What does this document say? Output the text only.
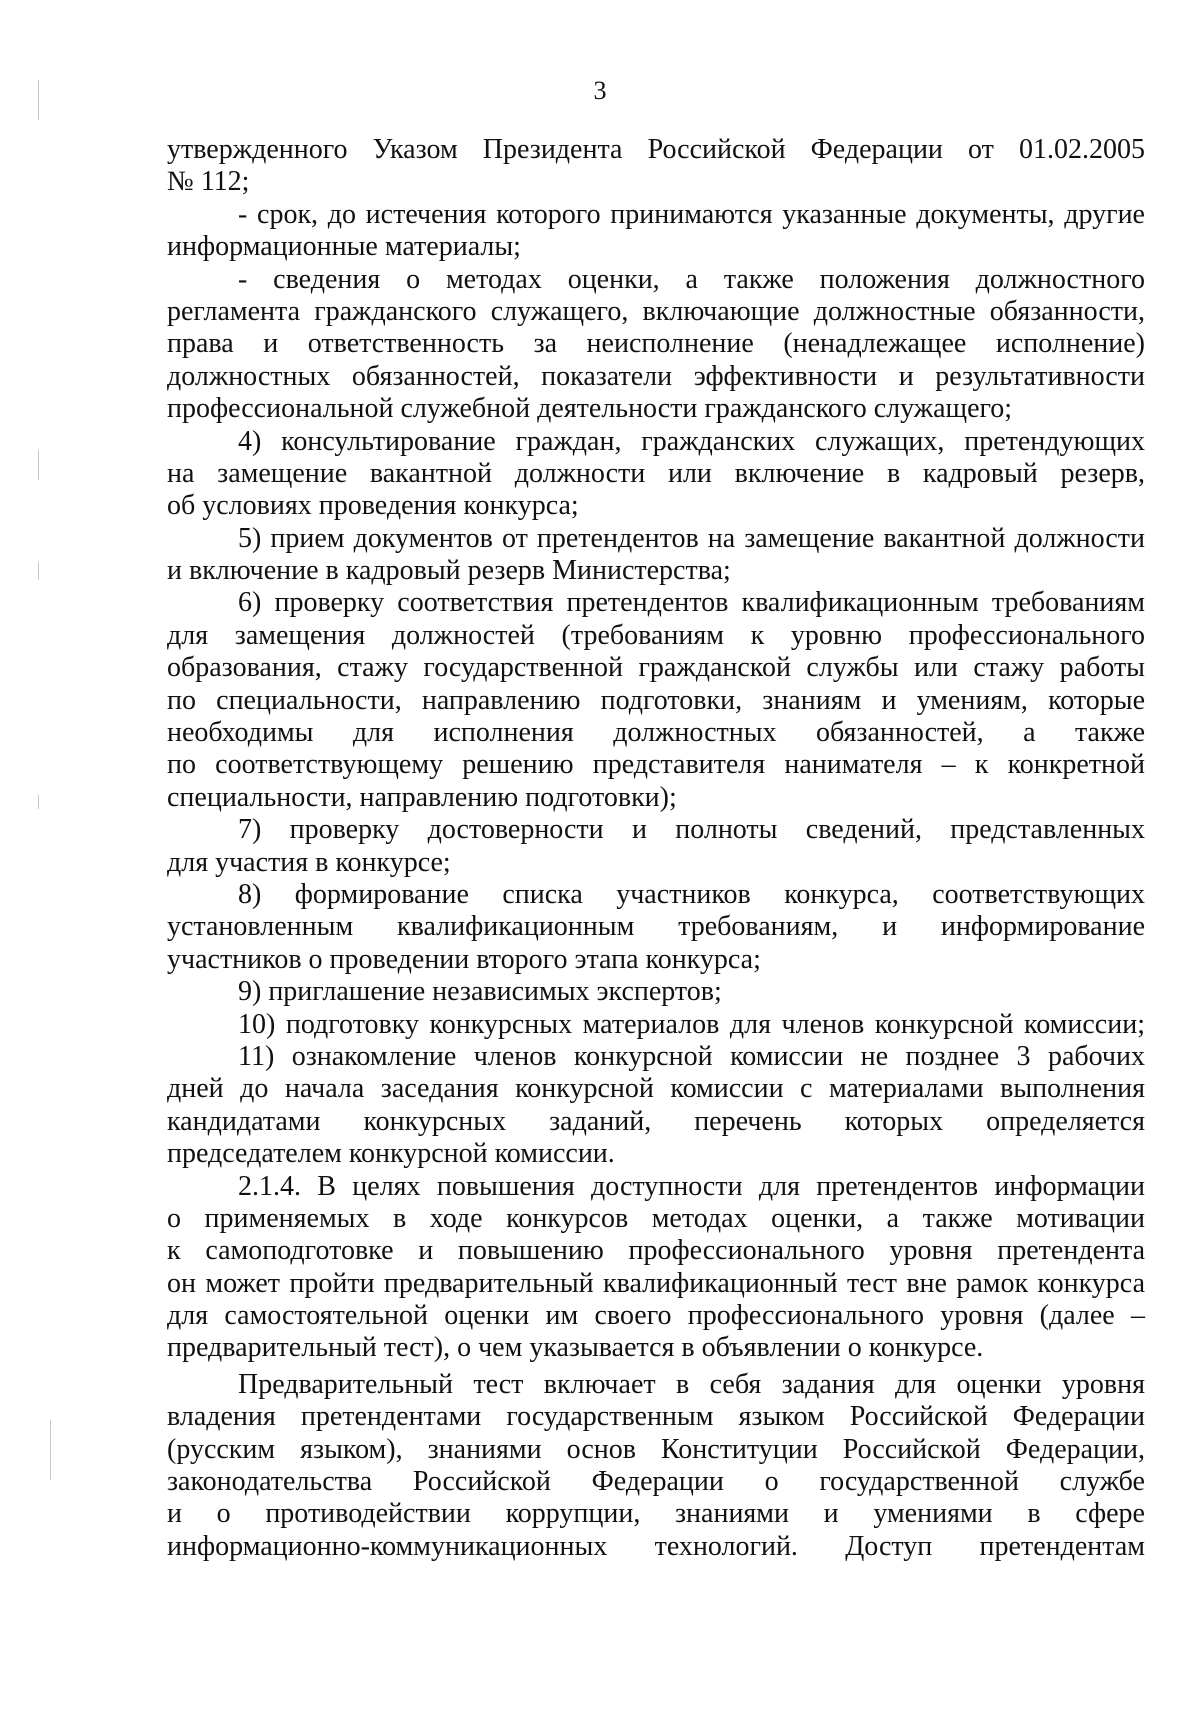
3
утвержденного Указом Президента Российской Федерации от 01.02.2005
№ 112;
- срок, до истечения которого принимаются указанные документы, другие
информационные материалы;
- сведения о методах оценки, а также положения должностного
регламента гражданского служащего, включающие должностные обязанности,
права и ответственность за неисполнение (ненадлежащее исполнение)
должностных обязанностей, показатели эффективности и результативности
профессиональной служебной деятельности гражданского служащего;
4) консультирование граждан, гражданских служащих, претендующих
на замещение вакантной должности или включение в кадровый резерв,
об условиях проведения конкурса;
5) прием документов от претендентов на замещение вакантной должности
и включение в кадровый резерв Министерства;
6) проверку соответствия претендентов квалификационным требованиям
для замещения должностей (требованиям к уровню профессионального
образования, стажу государственной гражданской службы или стажу работы
по специальности, направлению подготовки, знаниям и умениям, которые
необходимы для исполнения должностных обязанностей, а также
по соответствующему решению представителя нанимателя – к конкретной
специальности, направлению подготовки);
7) проверку достоверности и полноты сведений, представленных
для участия в конкурсе;
8) формирование списка участников конкурса, соответствующих
установленным квалификационным требованиям, и информирование
участников о проведении второго этапа конкурса;
9) приглашение независимых экспертов;
10) подготовку конкурсных материалов для членов конкурсной комиссии;
11) ознакомление членов конкурсной комиссии не позднее 3 рабочих
дней до начала заседания конкурсной комиссии с материалами выполнения
кандидатами конкурсных заданий, перечень которых определяется
председателем конкурсной комиссии.
2.1.4. В целях повышения доступности для претендентов информации
о применяемых в ходе конкурсов методах оценки, а также мотивации
к самоподготовке и повышению профессионального уровня претендента
он может пройти предварительный квалификационный тест вне рамок конкурса
для самостоятельной оценки им своего профессионального уровня (далее –
предварительный тест), о чем указывается в объявлении о конкурсе.
Предварительный тест включает в себя задания для оценки уровня
владения претендентами государственным языком Российской Федерации
(русским языком), знаниями основ Конституции Российской Федерации,
законодательства Российской Федерации о государственной службе
и о противодействии коррупции, знаниями и умениями в сфере
информационно-коммуникационных технологий. Доступ претендентам
